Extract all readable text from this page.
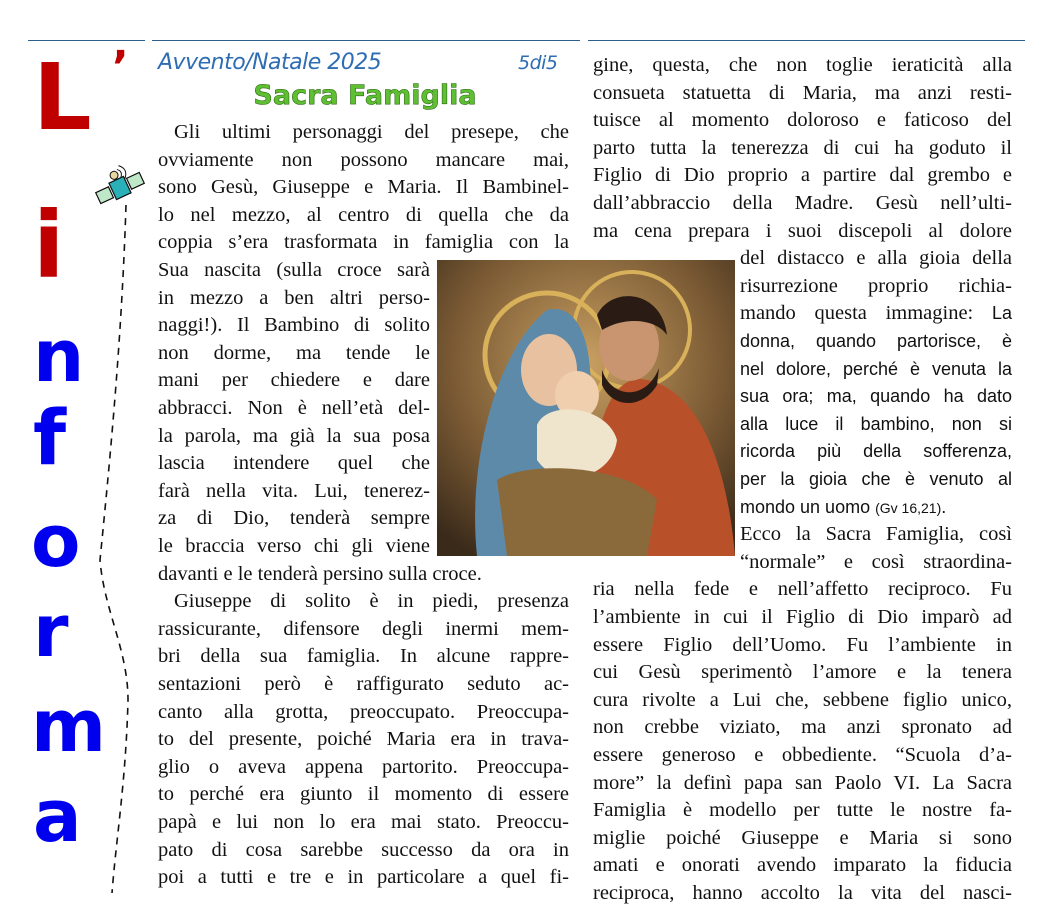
L ’
i
n
f
o
r
m
a
Avvento/Natale 2025	5di5
Sacra Famiglia
Gli ultimi personaggi del presepe, che
ovviamente non possono mancare mai,
sono Gesù, Giuseppe e Maria. Il Bambinel-
lo nel mezzo, al centro di quella che da
coppia s’era trasformata in famiglia con la
Sua nascita (sulla croce sarà
in mezzo a ben altri perso-
naggi!). Il Bambino di solito
non dorme, ma tende le
mani per chiedere e dare
abbracci. Non è nell’età del-
la parola, ma già la sua posa
lascia intendere quel che
farà nella vita. Lui, tenerez-
za di Dio, tenderà sempre
le braccia verso chi gli viene
davanti e le tenderà persino sulla croce.
Giuseppe di solito è in piedi, presenza
rassicurante, difensore degli inermi mem-
bri della sua famiglia. In alcune rappre-
sentazioni però è raffigurato seduto ac-
canto alla grotta, preoccupato. Preoccupa-
to del presente, poiché Maria era in trava-
glio o aveva appena partorito. Preoccupa-
to perché era giunto il momento di essere
papà e lui non lo era mai stato. Preoccu-
pato di cosa sarebbe successo da ora in
poi a tutti e tre e in particolare a quel fi-
gine, questa, che non toglie ieraticità alla
consueta statuetta di Maria, ma anzi resti-
tuisce al momento doloroso e faticoso del
parto tutta la tenerezza di cui ha goduto il
Figlio di Dio proprio a partire dal grembo e
dall’abbraccio della Madre. Gesù nell’ulti-
ma cena prepara i suoi discepoli al dolore
del distacco e alla gioia della
risurrezione proprio richia-
mando questa immagine: La
donna, quando partorisce, è
nel dolore, perché è venuta la
sua ora; ma, quando ha dato
alla luce il bambino, non si
ricorda più della sofferenza,
per la gioia che è venuto al
mondo un uomo (Gv 16,21).
Ecco la Sacra Famiglia, così
“normale” e così straordina-
ria nella fede e nell’affetto reciproco. Fu
l’ambiente in cui il Figlio di Dio imparò ad
essere Figlio dell’Uomo. Fu l’ambiente in
cui Gesù sperimentò l’amore e la tenera
cura rivolte a Lui che, sebbene figlio unico,
non crebbe viziato, ma anzi spronato ad
essere generoso e obbediente. “Scuola d’a-
more” la definì papa san Paolo VI. La Sacra
Famiglia è modello per tutte le nostre fa-
miglie poiché Giuseppe e Maria si sono
amati e onorati avendo imparato la fiducia
reciproca, hanno accolto la vita del nasci-
